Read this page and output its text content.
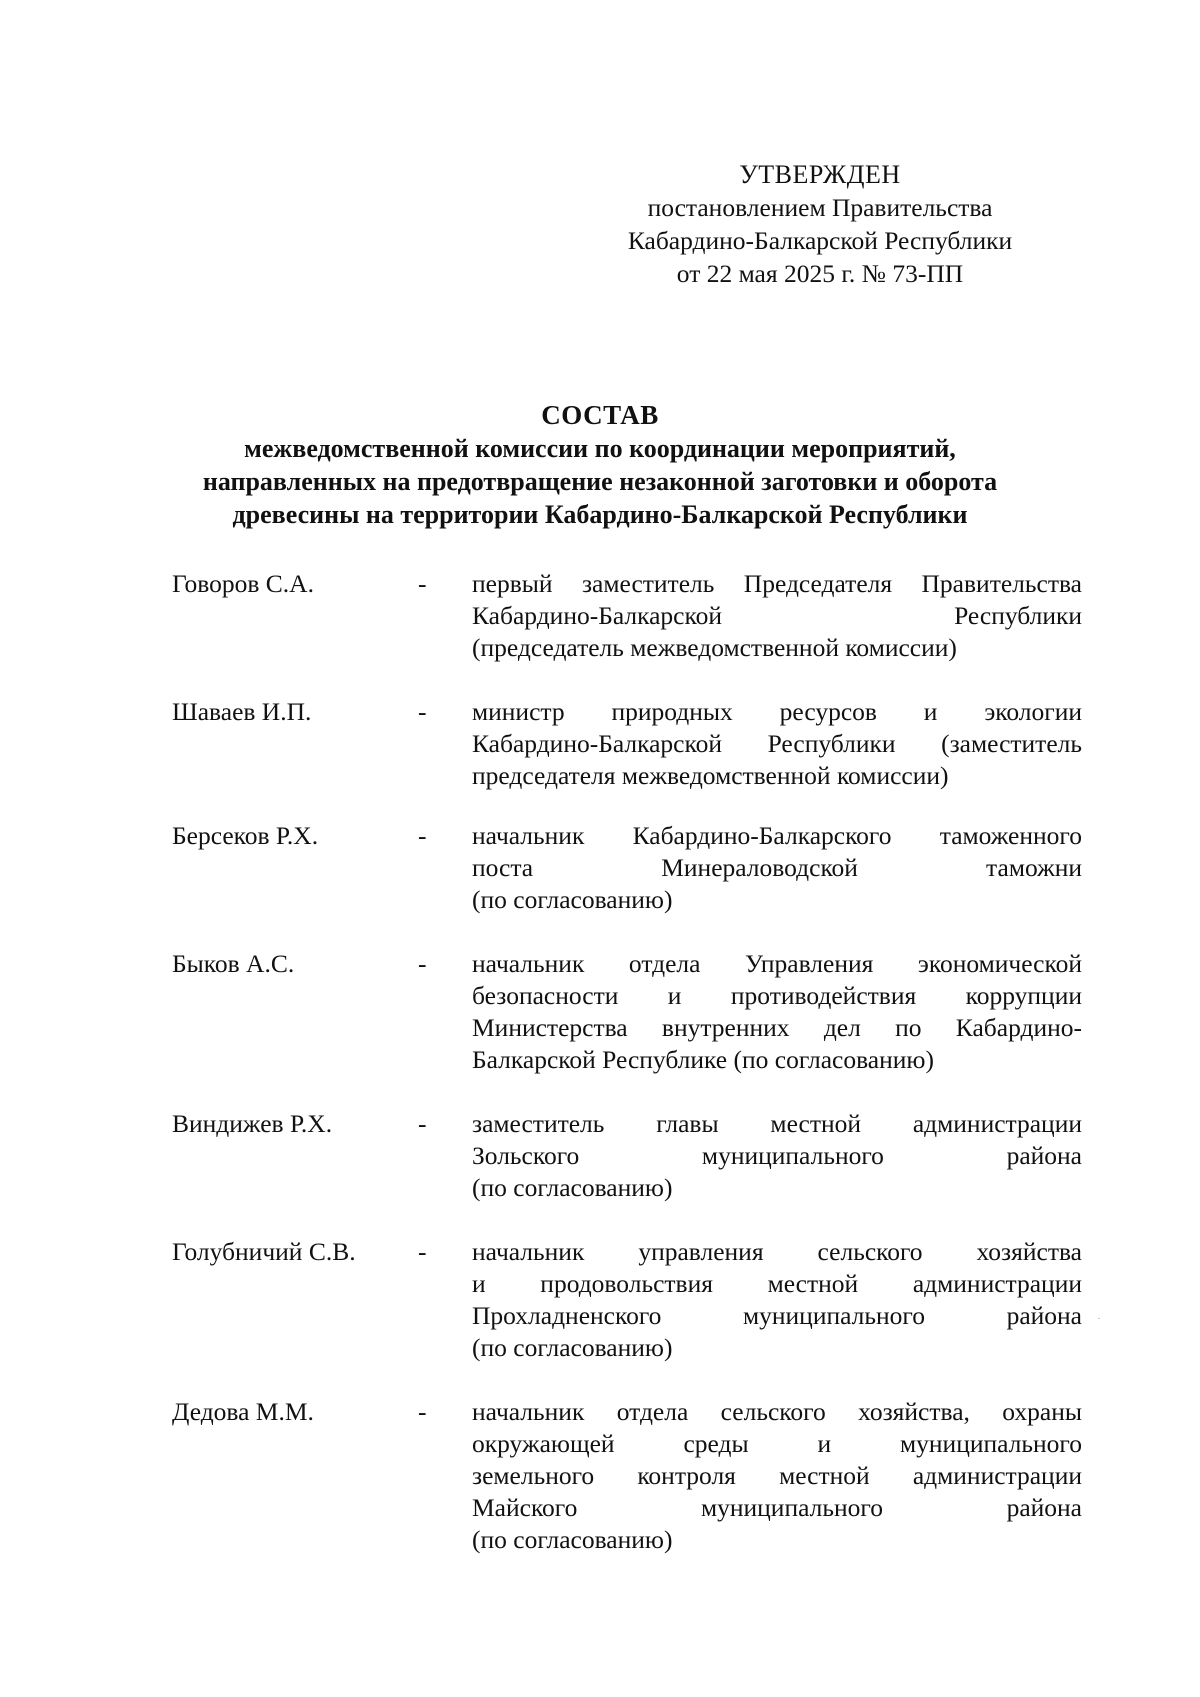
УТВЕРЖДЕН
постановлением Правительства
Кабардино-Балкарской Республики
от 22 мая 2025 г. № 73-ПП
СОСТАВ
межведомственной комиссии по координации мероприятий,
направленных на предотвращение незаконной заготовки и оборота
древесины на территории Кабардино-Балкарской Республики
Говоров С.А.	- первый заместитель Председателя Правительства
Кабардино-Балкарской Республики
(председатель межведомственной комиссии)
Шаваев И.П.	- министр природных ресурсов и экологии
Кабардино-Балкарской Республики (заместитель
председателя межведомственной комиссии)
Берсеков Р.Х.	- начальник Кабардино-Балкарского таможенного
поста Минераловодской таможни
(по согласованию)
Быков А.С.	- начальник отдела Управления экономической
безопасности и противодействия коррупции
Министерства внутренних дел по Кабардино-
Балкарской Республике (по согласованию)
Виндижев Р.Х.	- заместитель главы местной администрации
Зольского муниципального района
(по согласованию)
Голубничий С.В. - начальник управления сельского хозяйства
и продовольствия местной администрации
Прохладненского муниципального района
(по согласованию)
Дедова М.М.	- начальник отдела сельского хозяйства, охраны
окружающей среды и муниципального
земельного контроля местной администрации
Майского муниципального района
(по согласованию)
